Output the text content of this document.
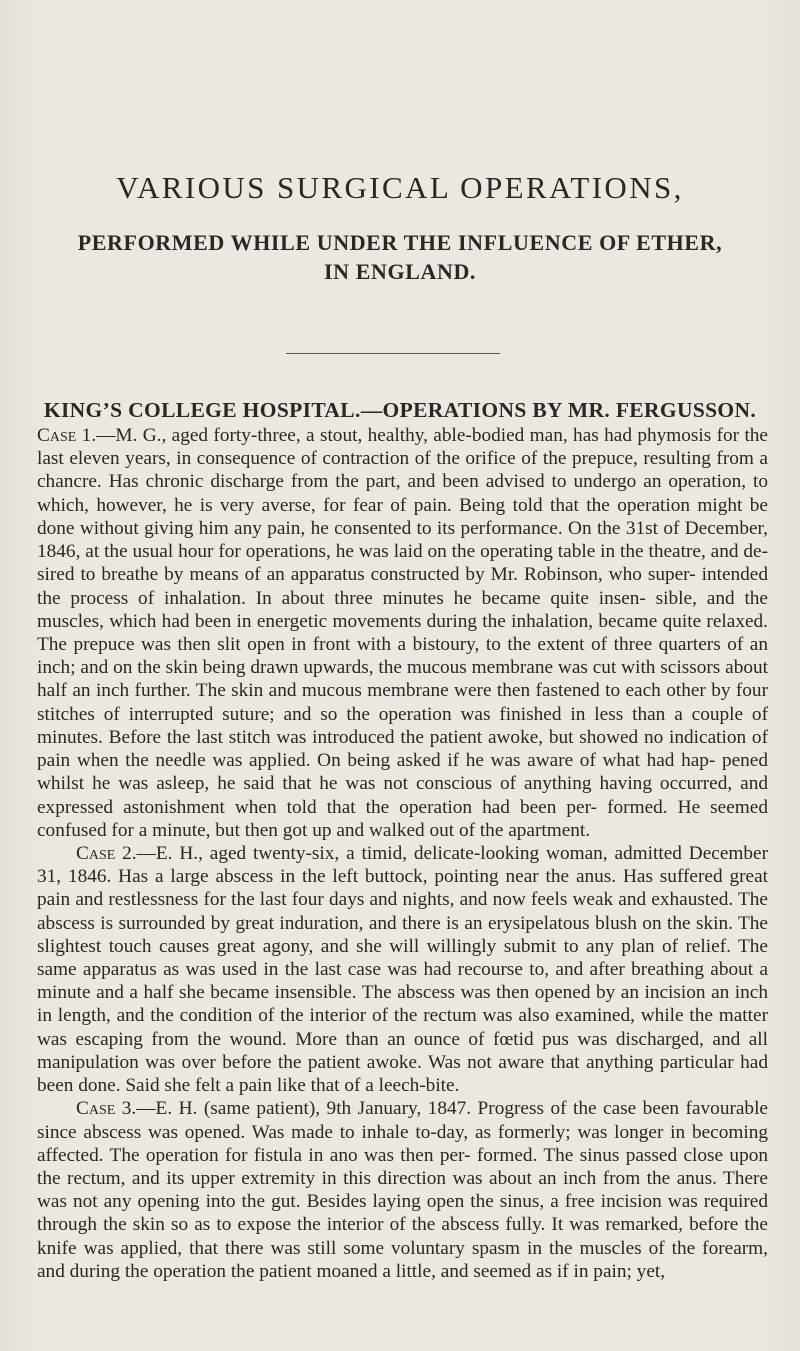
VARIOUS SURGICAL OPERATIONS,
PERFORMED WHILE UNDER THE INFLUENCE OF ETHER,
IN ENGLAND.
KING’S COLLEGE HOSPITAL.—OPERATIONS BY MR. FERGUSSON.

Case 1.—M. G., aged forty-three, a stout, healthy, able-bodied man, has had phymosis for the last eleven years, in consequence of contraction of the orifice of the prepuce, resulting from a chancre. Has chronic discharge from the part, and been advised to undergo an operation, to which, however, he is very averse, for fear of pain. Being told that the operation might be done without giving him any pain, he consented to its performance. On the 31st of December, 1846, at the usual hour for operations, he was laid on the operating table in the theatre, and de- sired to breathe by means of an apparatus constructed by Mr. Robinson, who super- intended the process of inhalation. In about three minutes he became quite insen- sible, and the muscles, which had been in energetic movements during the inhalation, became quite relaxed. The prepuce was then slit open in front with a bistoury, to the extent of three quarters of an inch; and on the skin being drawn upwards, the mucous membrane was cut with scissors about half an inch further. The skin and mucous membrane were then fastened to each other by four stitches of interrupted suture; and so the operation was finished in less than a couple of minutes. Before the last stitch was introduced the patient awoke, but showed no indication of pain when the needle was applied. On being asked if he was aware of what had hap- pened whilst he was asleep, he said that he was not conscious of anything having occurred, and expressed astonishment when told that the operation had been per- formed. He seemed confused for a minute, but then got up and walked out of the apartment.

Case 2.—E. H., aged twenty-six, a timid, delicate-looking woman, admitted December 31, 1846. Has a large abscess in the left buttock, pointing near the anus. Has suffered great pain and restlessness for the last four days and nights, and now feels weak and exhausted. The abscess is surrounded by great induration, and there is an erysipelatous blush on the skin. The slightest touch causes great agony, and she will willingly submit to any plan of relief. The same apparatus as was used in the last case was had recourse to, and after breathing about a minute and a half she became insensible. The abscess was then opened by an incision an inch in length, and the condition of the interior of the rectum was also examined, while the matter was escaping from the wound. More than an ounce of fœtid pus was discharged, and all manipulation was over before the patient awoke. Was not aware that anything particular had been done. Said she felt a pain like that of a leech-bite.

Case 3.—E. H. (same patient), 9th January, 1847. Progress of the case been favourable since abscess was opened. Was made to inhale to-day, as formerly; was longer in becoming affected. The operation for fistula in ano was then per- formed. The sinus passed close upon the rectum, and its upper extremity in this direction was about an inch from the anus. There was not any opening into the gut. Besides laying open the sinus, a free incision was required through the skin so as to expose the interior of the abscess fully. It was remarked, before the knife was applied, that there was still some voluntary spasm in the muscles of the forearm, and during the operation the patient moaned a little, and seemed as if in pain; yet,
